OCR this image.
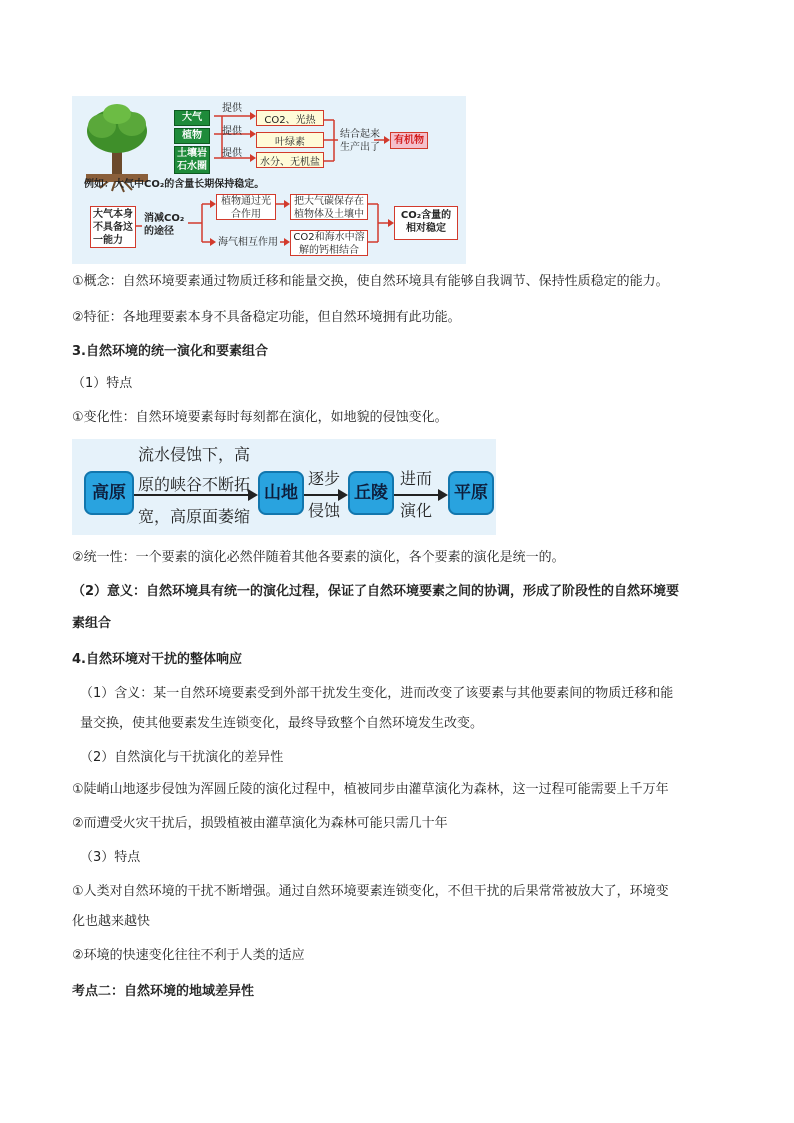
大气
植物
土壤岩
石水圈
提供
提供
提供
CO2、光热
叶绿素
水分、无机盐
结合起来
生产出了
有机物
例如：大气中CO₂的含量长期保持稳定。
大气本身不具备这一能力
消减CO₂的途径
植物通过光合作用
把大气碳保存在植物体及土壤中
海气相互作用 CO2和海水中溶解的钙相结合
CO₂含量的相对稳定
①概念：自然环境要素通过物质迁移和能量交换，使自然环境具有能够自我调节、保持性质稳定的能力。
②特征：各地理要素本身不具备稳定功能，但自然环境拥有此功能。
3.自然环境的统一演化和要素组合
（1）特点
①变化性：自然环境要素每时每刻都在演化，如地貌的侵蚀变化。
高原
流水侵蚀下，高
原的峡谷不断拓
宽，高原面萎缩
山地
逐步
侵蚀
丘陵
进而
演化
平原
②统一性：一个要素的演化必然伴随着其他各要素的演化，各个要素的演化是统一的。
（2）意义：自然环境具有统一的演化过程，保证了自然环境要素之间的协调，形成了阶段性的自然环境要
素组合
4.自然环境对干扰的整体响应
（1）含义：某一自然环境要素受到外部干扰发生变化，进而改变了该要素与其他要素间的物质迁移和能
量交换，使其他要素发生连锁变化，最终导致整个自然环境发生改变。
（2）自然演化与干扰演化的差异性
①陡峭山地逐步侵蚀为浑圆丘陵的演化过程中，植被同步由灌草演化为森林，这一过程可能需要上千万年
②而遭受火灾干扰后，损毁植被由灌草演化为森林可能只需几十年
（3）特点
①人类对自然环境的干扰不断增强。通过自然环境要素连锁变化，不但干扰的后果常常被放大了，环境变
化也越来越快
②环境的快速变化往往不利于人类的适应
考点二：自然环境的地域差异性
